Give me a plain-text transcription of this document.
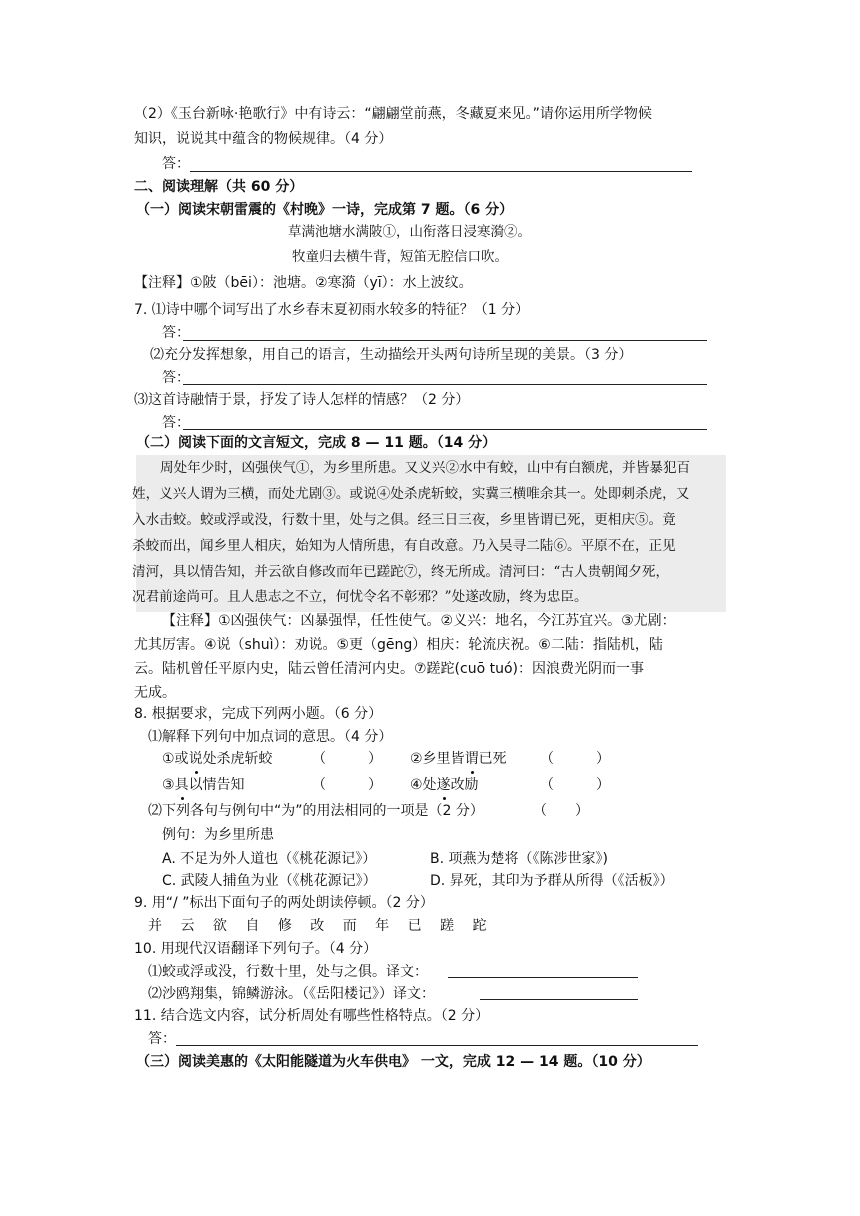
（2）《玉台新咏·艳歌行》中有诗云：“翩翩堂前燕，冬藏夏来见。”请你运用所学物候
知识，说说其中蕴含的物候规律。（4 分）
答：
二、阅读理解（共 60 分）
（一）阅读宋朝雷震的《村晚》一诗，完成第 7 题。（6 分）
草满池塘水满陂①，山衔落日浸寒漪②。
牧童归去横牛背，短笛无腔信口吹。
【注释】①陂（bēi）：池塘。②寒漪（yī）：水上波纹。
7. ⑴诗中哪个词写出了水乡春末夏初雨水较多的特征？（1 分）
答：
⑵充分发挥想象，用自己的语言，生动描绘开头两句诗所呈现的美景。（3 分）
答：
⑶这首诗融情于景，抒发了诗人怎样的情感？（2 分）
答：
（二）阅读下面的文言短文，完成 8 — 11 题。（14 分）
周处年少时，凶强侠气①，为乡里所患。又义兴②水中有蛟，山中有白额虎，并皆暴犯百
姓，义兴人谓为三横，而处尤剧③。或说④处杀虎斩蛟，实冀三横唯余其一。处即刺杀虎，又
入水击蛟。蛟或浮或没，行数十里，处与之俱。经三日三夜，乡里皆谓已死，更相庆⑤。竟
杀蛟而出，闻乡里人相庆，始知为人情所患，有自改意。乃入吴寻二陆⑥。平原不在，正见
清河，具以情告知，并云欲自修改而年已蹉跎⑦，终无所成。清河曰：“古人贵朝闻夕死，
况君前途尚可。且人患志之不立，何忧令名不彰邪？”处遂改励，终为忠臣。
【注释】①凶强侠气：凶暴强悍，任性使气。②义兴：地名，今江苏宜兴。③尤剧：
尤其厉害。④说（shuì）：劝说。⑤更（gēng）相庆：轮流庆祝。⑥二陆：指陆机，陆
云。陆机曾任平原内史，陆云曾任清河内史。⑦蹉跎(cuō tuó)：因浪费光阴而一事
无成。
8. 根据要求，完成下列两小题。（6 分）
⑴解释下列句中加点词的意思。（4 分）
①或说处杀虎斩蛟	（　　　） ②乡里皆谓已死 （　　　）
③具以情告知	（　　　） ④处遂改励	（　　　）
⑵下列各句与例句中“为”的用法相同的一项是（2 分）	（　　）
例句：为乡里所患
A. 不足为外人道也（《桃花源记》）	B. 项燕为楚将（《陈涉世家》)
C. 武陵人捕鱼为业（《桃花源记》）	D. 昇死，其印为予群从所得（《活板》）
9. 用“/ ”标出下面句子的两处朗读停顿。（2 分）
并   云   欲   自   修   改   而   年   已   蹉   跎
10. 用现代汉语翻译下列句子。（4 分）
⑴蛟或浮或没，行数十里，处与之俱。译文：
⑵沙鸥翔集，锦鳞游泳。（《岳阳楼记》）译文：
11. 结合选文内容，试分析周处有哪些性格特点。（2 分）
答：
（三）阅读美惠的《太阳能隧道为火车供电》 一文，完成 12 — 14 题。（10 分）
